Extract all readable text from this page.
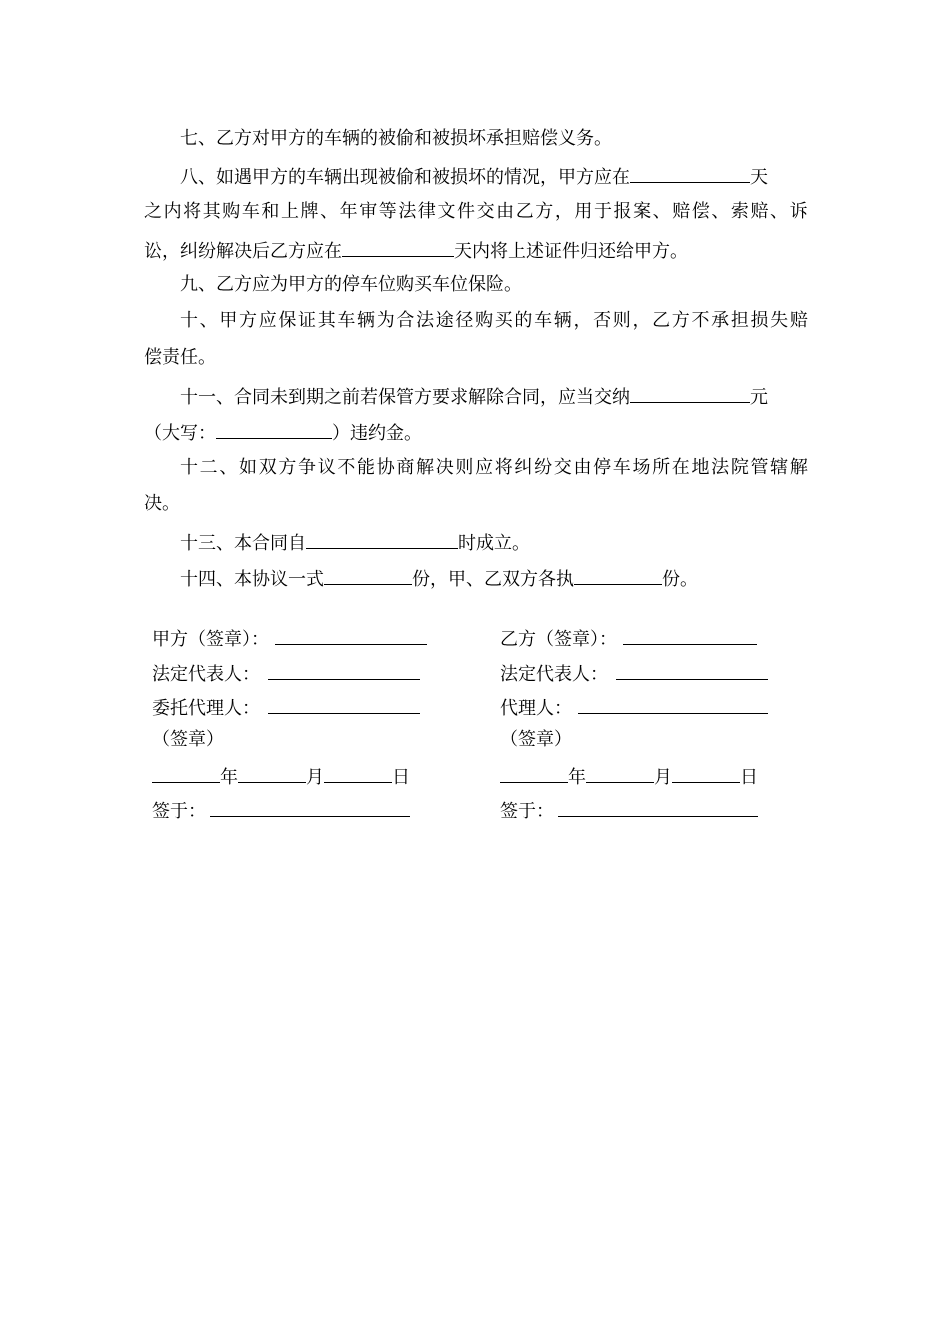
七、乙方对甲方的车辆的被偷和被损坏承担赔偿义务。
八、如遇甲方的车辆出现被偷和被损坏的情况，甲方应在	天
之 内 将 其 购 车 和 上 牌 、 年 审 等 法 律 文 件 交 由 乙 方 ， 用 于 报 案 、 赔 偿 、 索 赔 、 诉
讼，纠纷解决后乙方应在	天内将上述证件归还给甲方。
九、乙方应为甲方的停车位购买车位保险。
十 、 甲 方 应 保 证 其 车 辆 为 合 法 途 径 购 买 的 车 辆 ， 否 则 ， 乙 方 不 承 担 损 失 赔
偿责任。
十一、合同未到期之前若保管方要求解除合同，应当交纳	元
（大写：	）违约金。
十 二 、 如 双 方 争 议 不 能 协 商 解 决 则 应 将 纠 纷 交 由 停 车 场 所 在 地 法 院 管 辖 解
决。
十三、本合同自	时成立。
十四、本协议一式	份，甲、乙双方各执	份。
甲方（签章）：
法定代表人：
委托代理人：
（签章）
年	月	日
签于：
乙方（签章）：
法定代表人：
代理人：
（签章）
年	月	日
签于：
